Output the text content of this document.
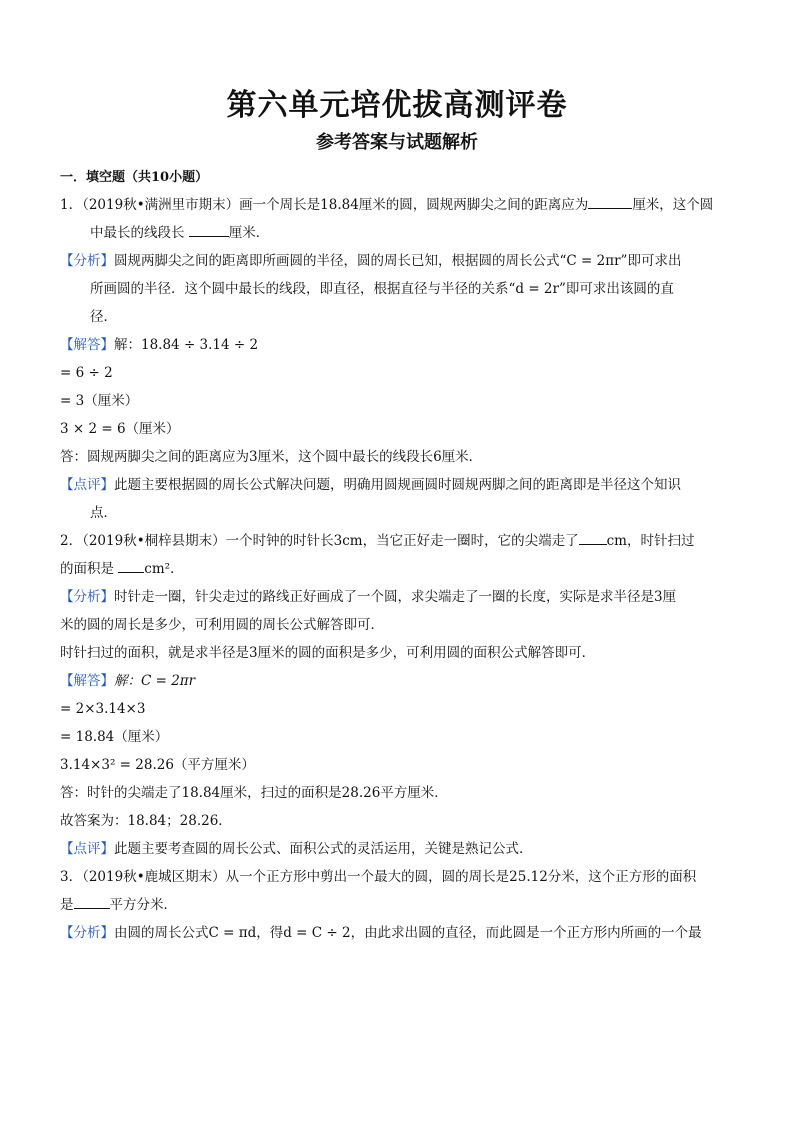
第六单元培优拔高测评卷
参考答案与试题解析
一．填空题（共10小题）
1．（2019秋•满洲里市期末）画一个周长是18.84厘米的圆，圆规两脚尖之间的距离应为	厘米，这个圆
中最长的线段长	厘米．
【分析】圆规两脚尖之间的距离即所画圆的半径，圆的周长已知，根据圆的周长公式“C = 2πr”即可求出
所画圆的半径．这个圆中最长的线段，即直径，根据直径与半径的关系“d = 2r”即可求出该圆的直
径．
【解答】解：18.84 ÷ 3.14 ÷ 2
= 6 ÷ 2
= 3（厘米）
3 × 2 = 6（厘米）
答：圆规两脚尖之间的距离应为3厘米，这个圆中最长的线段长6厘米．
【点评】此题主要根据圆的周长公式解决问题，明确用圆规画圆时圆规两脚之间的距离即是半径这个知识
点．
2．（2019秋•桐梓县期末）一个时钟的时针长3cm，当它正好走一圈时，它的尖端走了 cm，时针扫过
的面积是 cm²．
【分析】时针走一圈，针尖走过的路线正好画成了一个圆，求尖端走了一圈的长度，实际是求半径是3厘
米的圆的周长是多少，可利用圆的周长公式解答即可．
时针扫过的面积，就是求半径是3厘米的圆的面积是多少，可利用圆的面积公式解答即可．
【解答】解：C = 2πr
= 2×3.14×3
= 18.84（厘米）
3.14×3² = 28.26（平方厘米）
答：时针的尖端走了18.84厘米，扫过的面积是28.26平方厘米．
故答案为：18.84；28.26．
【点评】此题主要考查圆的周长公式、面积公式的灵活运用，关键是熟记公式．
3．（2019秋•鹿城区期末）从一个正方形中剪出一个最大的圆，圆的周长是25.12分米，这个正方形的面积
是	平方分米．
【分析】由圆的周长公式C = πd，得d = C ÷ 2，由此求出圆的直径，而此圆是一个正方形内所画的一个最
